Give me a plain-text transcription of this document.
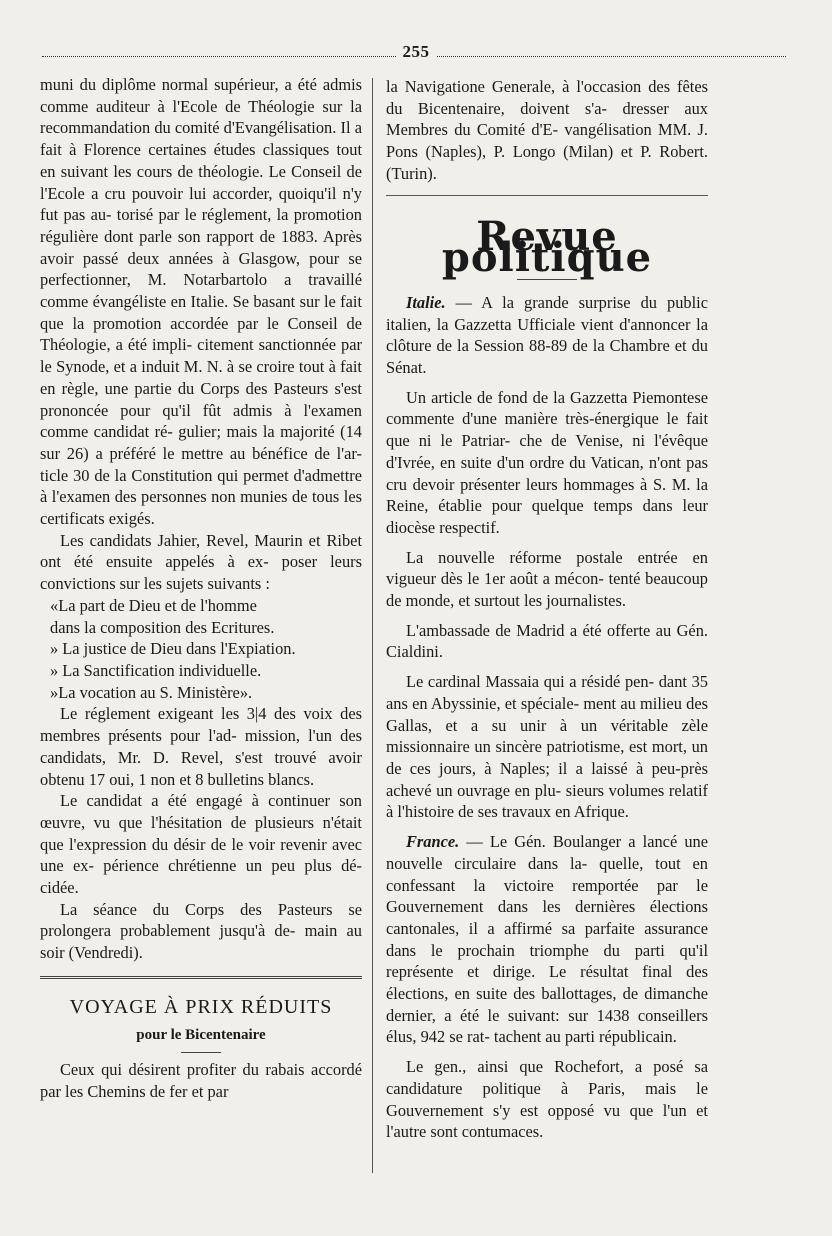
255

muni du diplôme normal supérieur, a été admis comme auditeur à l'Ecole de Théologie sur la recommandation du comité d'Evangélisation. Il a fait à Florence certaines études classiques tout en suivant les cours de théologie. Le Conseil de l'Ecole a cru pouvoir lui accorder, quoiqu'il n'y fut pas au- torisé par le réglement, la promotion régulière dont parle son rapport de 1883. Après avoir passé deux années à Glasgow, pour se perfectionner, M. Notarbartolo a travaillé comme évangéliste en Italie. Se basant sur le fait que la promotion accordée par le Conseil de Théologie, a été impli- citement sanctionnée par le Synode, et a induit M. N. à se croire tout à fait en règle, une partie du Corps des Pasteurs s'est prononcée pour qu'il fût admis à l'examen comme candidat ré- gulier; mais la majorité (14 sur 26) a préféré le mettre au bénéfice de l'ar- ticle 30 de la Constitution qui permet d'admettre à l'examen des personnes non munies de tous les certificats exigés.

Les candidats Jahier, Revel, Maurin et Ribet ont été ensuite appelés à ex- poser leurs convictions sur les sujets suivants :

«La part de Dieu et de l'homme
dans la composition des Ecritures.
» La justice de Dieu dans l'Expiation.
» La Sanctification individuelle.
»La vocation au S. Ministère».

Le réglement exigeant les 3|4 des voix des membres présents pour l'ad- mission, l'un des candidats, Mr. D. Revel, s'est trouvé avoir obtenu 17 oui, 1 non et 8 bulletins blancs.

Le candidat a été engagé à continuer son œuvre, vu que l'hésitation de plusieurs n'était que l'expression du désir de le voir revenir avec une ex- périence chrétienne un peu plus dé- cidée.

La séance du Corps des Pasteurs se prolongera probablement jusqu'à de- main au soir (Vendredi).

VOYAGE À PRIX RÉDUITS
pour le Bicentenaire

Ceux qui désirent profiter du rabais accordé par les Chemins de fer et par

la Navigatione Generale, à l'occasion des fêtes du Bicentenaire, doivent s'a- dresser aux Membres du Comité d'E- vangélisation MM. J. Pons (Naples), P. Longo (Milan) et P. Robert. (Turin).

Revue politique

Italie. — A la grande surprise du public italien, la Gazzetta Ufficiale vient d'annoncer la clôture de la Session 88-89 de la Chambre et du Sénat.

Un article de fond de la Gazzetta Piemontese commente d'une manière très-énergique le fait que ni le Patriar- che de Venise, ni l'évêque d'Ivrée, en suite d'un ordre du Vatican, n'ont pas cru devoir présenter leurs hommages à S. M. la Reine, établie pour quelque temps dans leur diocèse respectif.

La nouvelle réforme postale entrée en vigueur dès le 1er août a mécon- tenté beaucoup de monde, et surtout les journalistes.

L'ambassade de Madrid a été offerte au Gén. Cialdini.

Le cardinal Massaia qui a résidé pen- dant 35 ans en Abyssinie, et spéciale- ment au milieu des Gallas, et a su unir à un véritable zèle missionnaire un sincère patriotisme, est mort, un de ces jours, à Naples; il a laissé à peu-près achevé un ouvrage en plu- sieurs volumes relatif à l'histoire de ses travaux en Afrique.

France. — Le Gén. Boulanger a lancé une nouvelle circulaire dans la- quelle, tout en confessant la victoire remportée par le Gouvernement dans les dernières élections cantonales, il a affirmé sa parfaite assurance dans le prochain triomphe du parti qu'il représente et dirige. Le résultat final des élections, en suite des ballottages, de dimanche dernier, a été le suivant: sur 1438 conseillers élus, 942 se rat- tachent au parti républicain.

Le gen., ainsi que Rochefort, a posé sa candidature politique à Paris, mais le Gouvernement s'y est opposé vu que l'un et l'autre sont contumaces.
